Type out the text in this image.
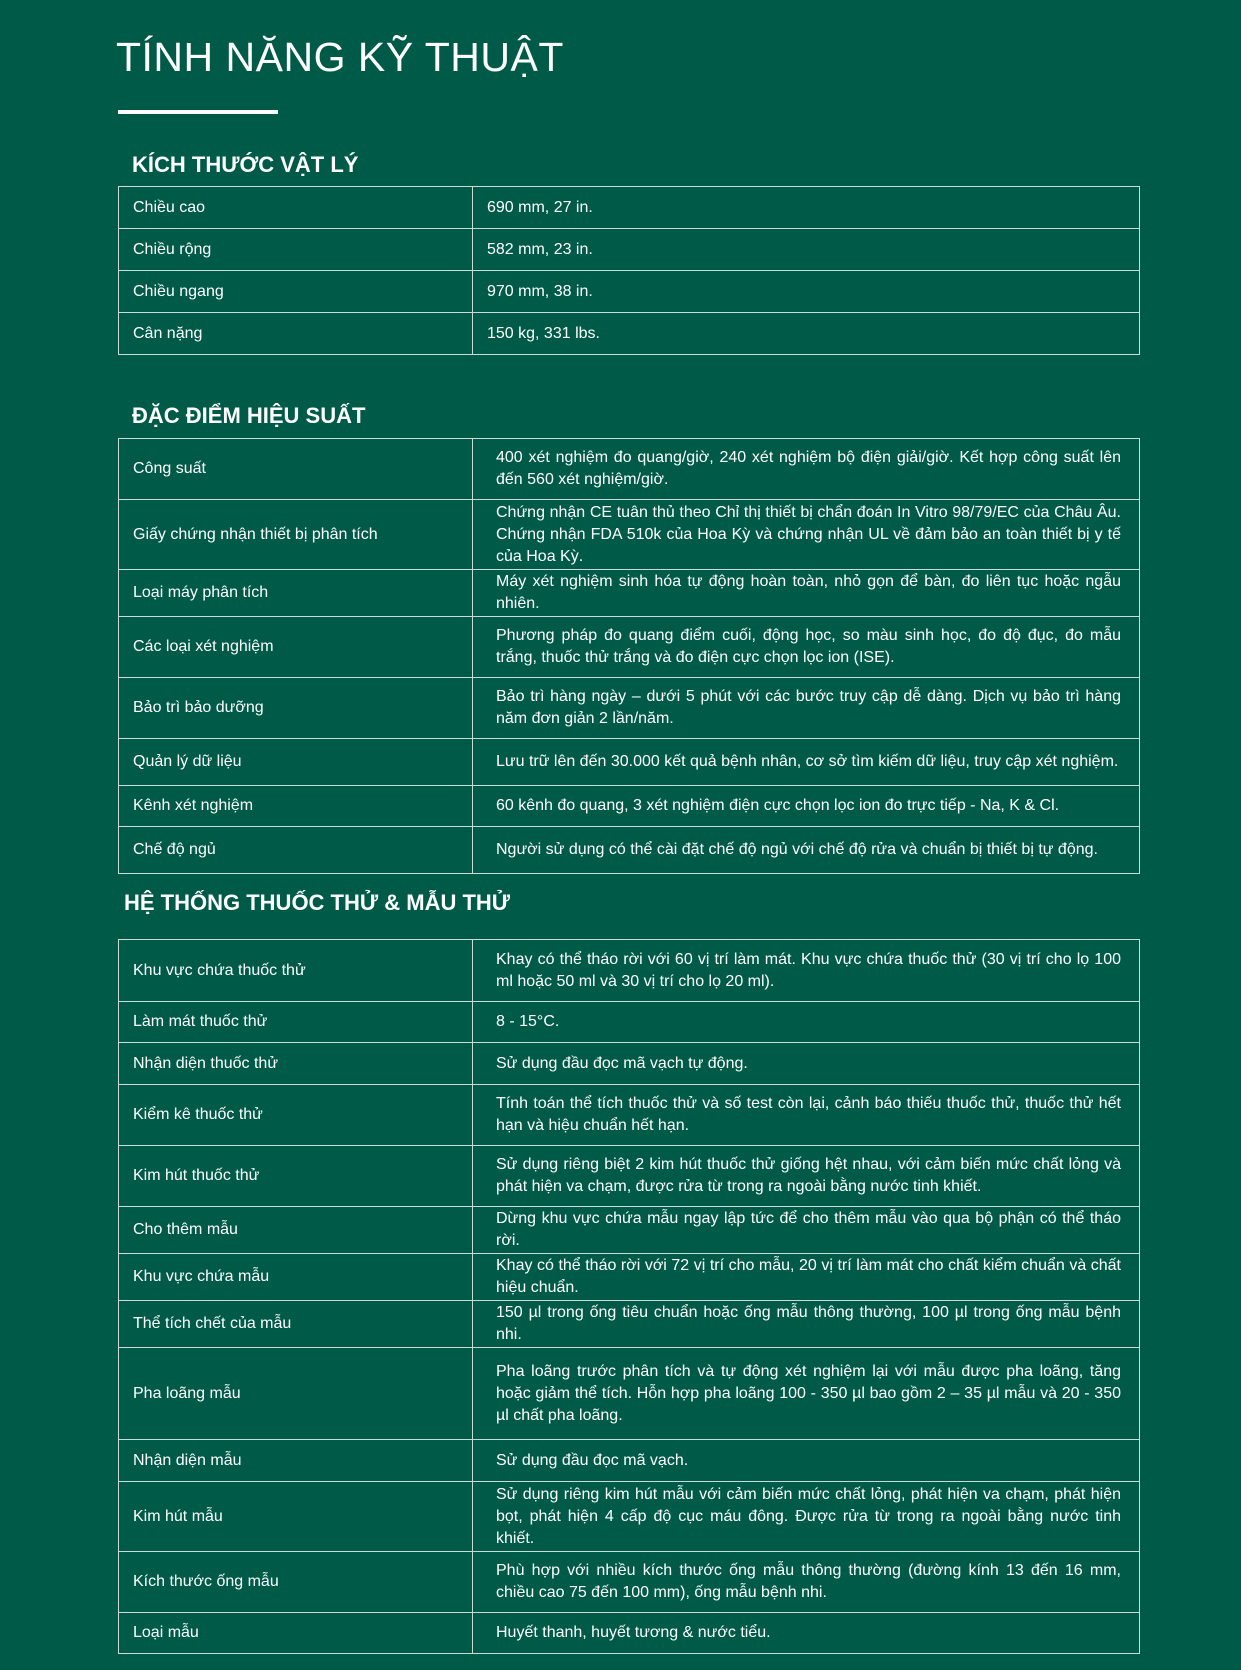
TÍNH NĂNG KỸ THUẬT
KÍCH THƯỚC VẬT LÝ
Chiều cao	690 mm, 27 in.
Chiều rộng	582 mm, 23 in.
Chiều ngang	970 mm, 38 in.
Cân nặng	150 kg, 331 lbs.
ĐẶC ĐIỂM HIỆU SUẤT
Công suất	400 xét nghiệm đo quang/giờ, 240 xét nghiệm bộ điện giải/giờ. Kết hợp công suất lên đến 560 xét nghiệm/giờ.
Giấy chứng nhận thiết bị phân tích	Chứng nhận CE tuân thủ theo Chỉ thị thiết bị chẩn đoán In Vitro 98/79/EC của Châu Âu. Chứng nhận FDA 510k của Hoa Kỳ và chứng nhận UL về đảm bảo an toàn thiết bị y tế của Hoa Kỳ.
Loại máy phân tích	Máy xét nghiệm sinh hóa tự động hoàn toàn, nhỏ gọn để bàn, đo liên tục hoặc ngẫu nhiên.
Các loại xét nghiệm	Phương pháp đo quang điểm cuối, động học, so màu sinh học, đo độ đục, đo mẫu trắng, thuốc thử trắng và đo điện cực chọn lọc ion (ISE).
Bảo trì bảo dưỡng	Bảo trì hàng ngày – dưới 5 phút với các bước truy cập dễ dàng. Dịch vụ bảo trì hàng năm đơn giản 2 lần/năm.
Quản lý dữ liệu	Lưu trữ lên đến 30.000 kết quả bệnh nhân, cơ sở tìm kiếm dữ liệu, truy cập xét nghiệm.
Kênh xét nghiệm	60 kênh đo quang, 3 xét nghiệm điện cực chọn lọc ion đo trực tiếp - Na, K & Cl.
Chế độ ngủ	Người sử dụng có thể cài đặt chế độ ngủ với chế độ rửa và chuẩn bị thiết bị tự động.
HỆ THỐNG THUỐC THỬ & MẪU THỬ
Khu vực chứa thuốc thử	Khay có thể tháo rời với 60 vị trí làm mát. Khu vực chứa thuốc thử (30 vị trí cho lọ 100 ml hoặc 50 ml và 30 vị trí cho lọ 20 ml).
Làm mát thuốc thử	8 - 15°C.
Nhận diện thuốc thử	Sử dụng đầu đọc mã vạch tự động.
Kiểm kê thuốc thử	Tính toán thể tích thuốc thử và số test còn lại, cảnh báo thiếu thuốc thử, thuốc thử hết hạn và hiệu chuẩn hết hạn.
Kim hút thuốc thử	Sử dụng riêng biệt 2 kim hút thuốc thử giống hệt nhau, với cảm biến mức chất lỏng và phát hiện va chạm, được rửa từ trong ra ngoài bằng nước tinh khiết.
Cho thêm mẫu	Dừng khu vực chứa mẫu ngay lập tức để cho thêm mẫu vào qua bộ phận có thể tháo rời.
Khu vực chứa mẫu	Khay có thể tháo rời với 72 vị trí cho mẫu, 20 vị trí làm mát cho chất kiểm chuẩn và chất hiệu chuẩn.
Thể tích chết của mẫu	150 µl trong ống tiêu chuẩn hoặc ống mẫu thông thường, 100 µl trong ống mẫu bệnh nhi.
Pha loãng mẫu	Pha loãng trước phân tích và tự động xét nghiệm lại với mẫu được pha loãng, tăng hoặc giảm thể tích. Hỗn hợp pha loãng 100 - 350 µl bao gồm 2 – 35 µl mẫu và 20 - 350 µl chất pha loãng.
Nhận diện mẫu	Sử dụng đầu đọc mã vạch.
Kim hút mẫu	Sử dụng riêng kim hút mẫu với cảm biến mức chất lỏng, phát hiện va chạm, phát hiện bọt, phát hiện 4 cấp độ cục máu đông. Được rửa từ trong ra ngoài bằng nước tinh khiết.
Kích thước ống mẫu	Phù hợp với nhiều kích thước ống mẫu thông thường (đường kính 13 đến 16 mm, chiều cao 75 đến 100 mm), ống mẫu bệnh nhi.
Loại mẫu	Huyết thanh, huyết tương & nước tiểu.
